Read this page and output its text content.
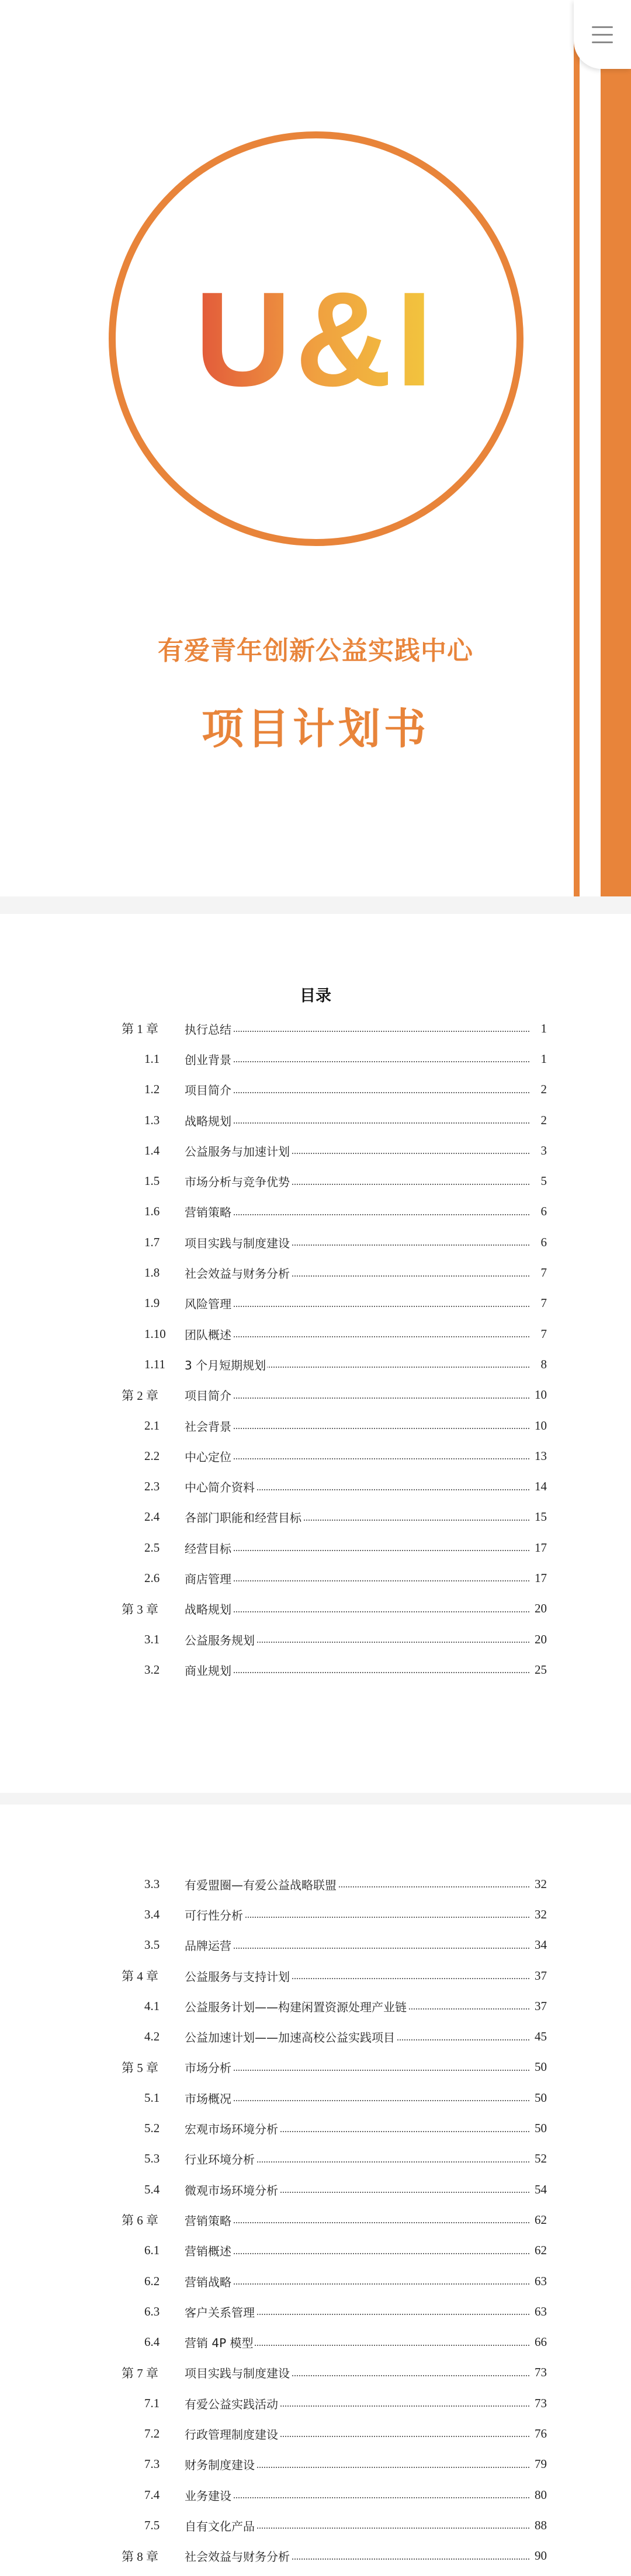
U&I
有爱青年创新公益实践中心
项目计划书
目录
第 1 章	执行总结	1
1.1	创业背景	1
1.2	项目简介	2
1.3	战略规划	2
1.4	公益服务与加速计划	3
1.5	市场分析与竞争优势	5
1.6	营销策略	6
1.7	项目实践与制度建设	6
1.8	社会效益与财务分析	7
1.9	风险管理	7
1.10	团队概述	7
1.11	3 个月短期规划	8
第 2 章	项目简介	10
2.1	社会背景	10
2.2	中心定位	13
2.3	中心简介资料	14
2.4	各部门职能和经营目标	15
2.5	经营目标	17
2.6	商店管理	17
第 3 章	战略规划	20
3.1	公益服务规划	20
3.2	商业规划	25
3.3	有爱盟圈—有爱公益战略联盟	32
3.4	可行性分析	32
3.5	品牌运营	34
第 4 章	公益服务与支持计划	37
4.1	公益服务计划——构建闲置资源处理产业链	37
4.2	公益加速计划——加速高校公益实践项目	45
第 5 章	市场分析	50
5.1	市场概况	50
5.2	宏观市场环境分析	50
5.3	行业环境分析	52
5.4	微观市场环境分析	54
第 6 章	营销策略	62
6.1	营销概述	62
6.2	营销战略	63
6.3	客户关系管理	63
6.4	营销 4P 模型	66
第 7 章	项目实践与制度建设	73
7.1	有爱公益实践活动	73
7.2	行政管理制度建设	76
7.3	财务制度建设	79
7.4	业务建设	80
7.5	自有文化产品	88
第 8 章	社会效益与财务分析	90
